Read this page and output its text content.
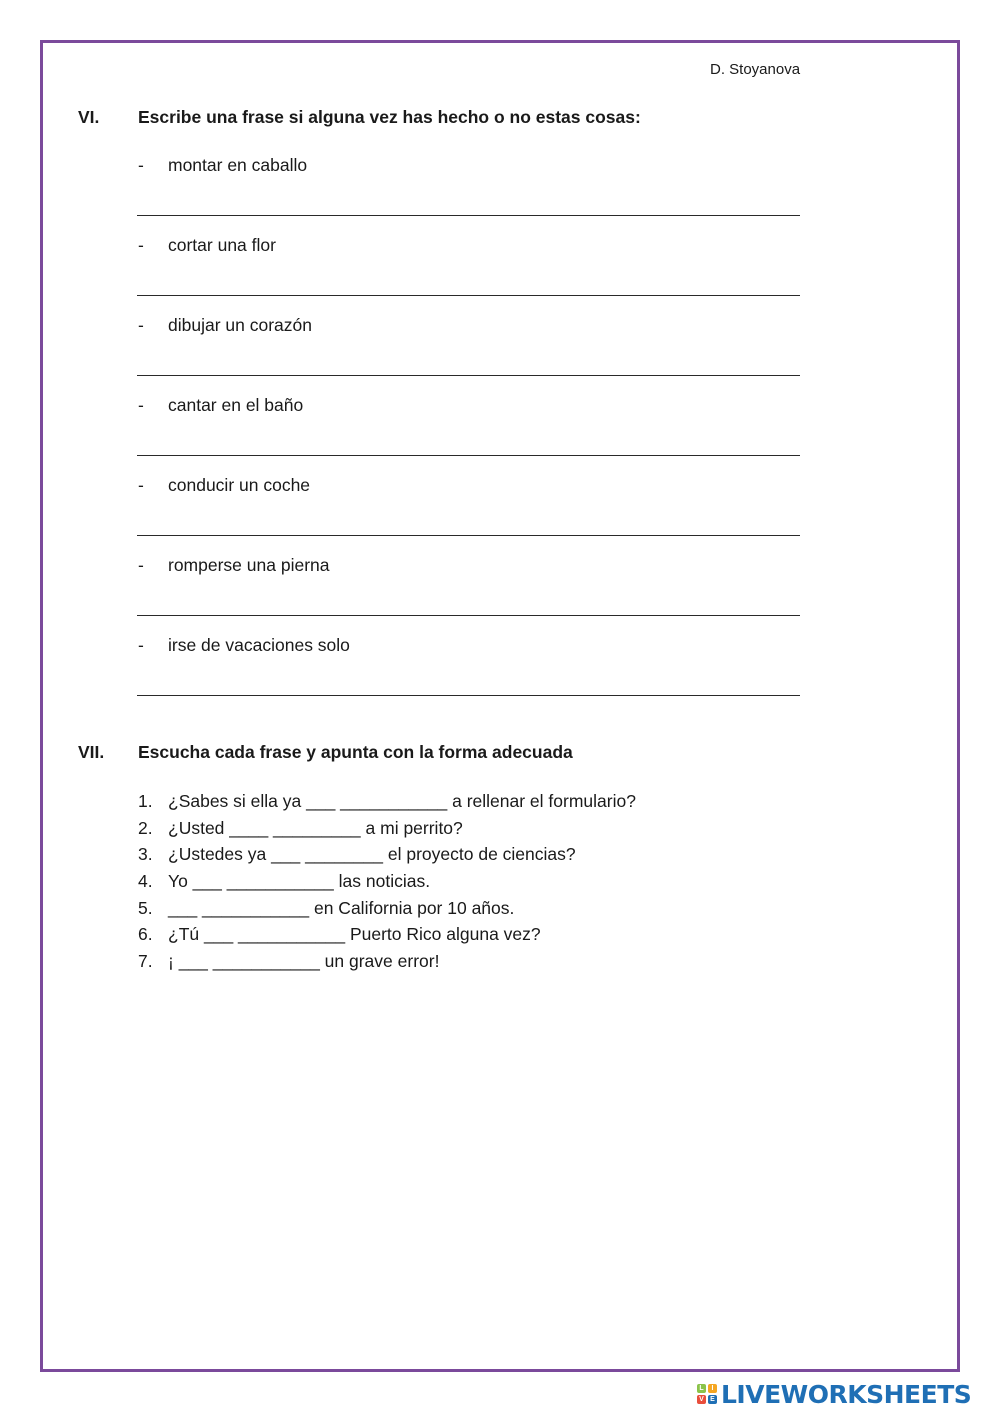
D. Stoyanova
VI. Escribe una frase si alguna vez has hecho o no estas cosas:
- montar en caballo
- cortar una flor
- dibujar un corazón
- cantar en el baño
- conducir un coche
- romperse una pierna
- irse de vacaciones solo
VII. Escucha cada frase y apunta con la forma adecuada
1. ¿Sabes si ella ya ___ ___________ a rellenar el formulario?
2. ¿Usted ____ _________ a mi perrito?
3. ¿Ustedes ya ___ ________ el proyecto de ciencias?
4. Yo ___ ___________ las noticias.
5. ___ ___________ en California por 10 años.
6. ¿Tú ___ ___________ Puerto Rico alguna vez?
7. ¡ ___ ___________ un grave error!
L	I
V E LIVEWORKSHEETS
